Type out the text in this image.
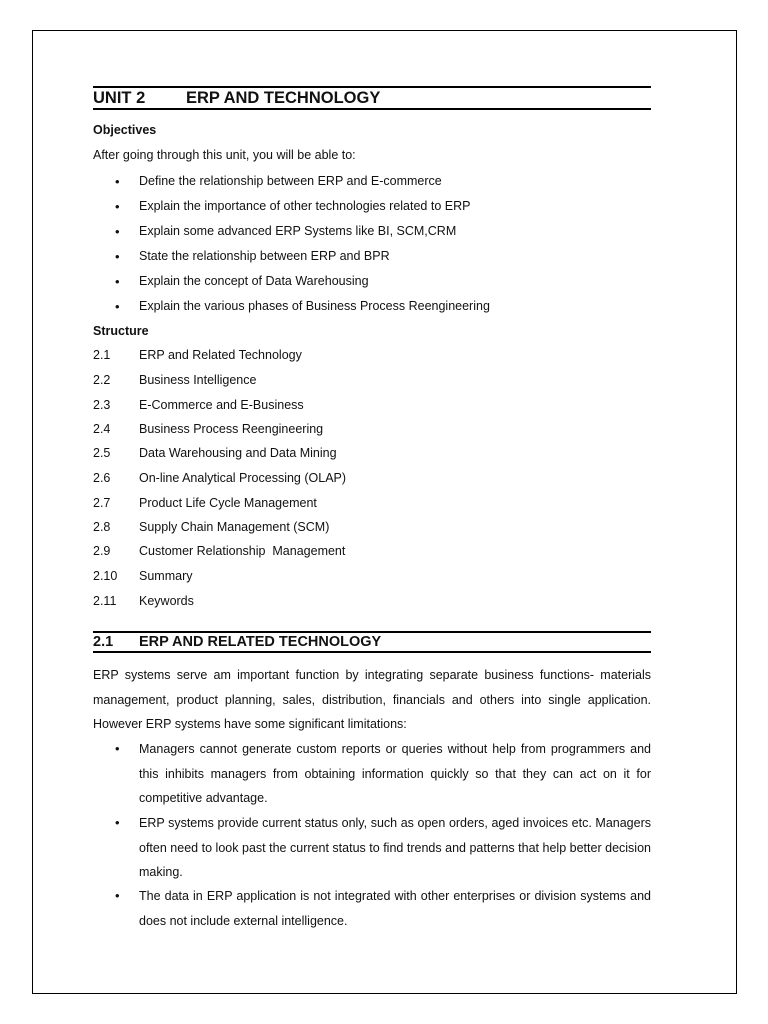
UNIT 2	ERP AND TECHNOLOGY
Objectives
After going through this unit, you will be able to:
•	Define the relationship between ERP and E-commerce
•	Explain the importance of other technologies related to ERP
•	Explain some advanced ERP Systems like BI, SCM,CRM
•	State the relationship between ERP and BPR
•	Explain the concept of Data Warehousing
•	Explain the various phases of Business Process Reengineering
Structure
2.1	ERP and Related Technology
2.2	Business Intelligence
2.3	E-Commerce and E-Business
2.4	Business Process Reengineering
2.5	Data Warehousing and Data Mining
2.6	On-line Analytical Processing (OLAP)
2.7	Product Life Cycle Management
2.8	Supply Chain Management (SCM)
2.9	Customer Relationship  Management
2.10	Summary
2.11	Keywords
2.1	ERP AND RELATED TECHNOLOGY
ERP systems serve am important function by integrating separate business functions- materials management, product planning, sales, distribution, financials and others into single application. However ERP systems have some significant limitations:
•	Managers cannot generate custom reports or queries without help from programmers and this inhibits managers from obtaining information quickly so that they can act on it for competitive advantage.
•	ERP systems provide current status only, such as open orders, aged invoices etc. Managers often need to look past the current status to find trends and patterns that help better decision making.
•	The data in ERP application is not integrated with other enterprises or division systems and does not include external intelligence.
